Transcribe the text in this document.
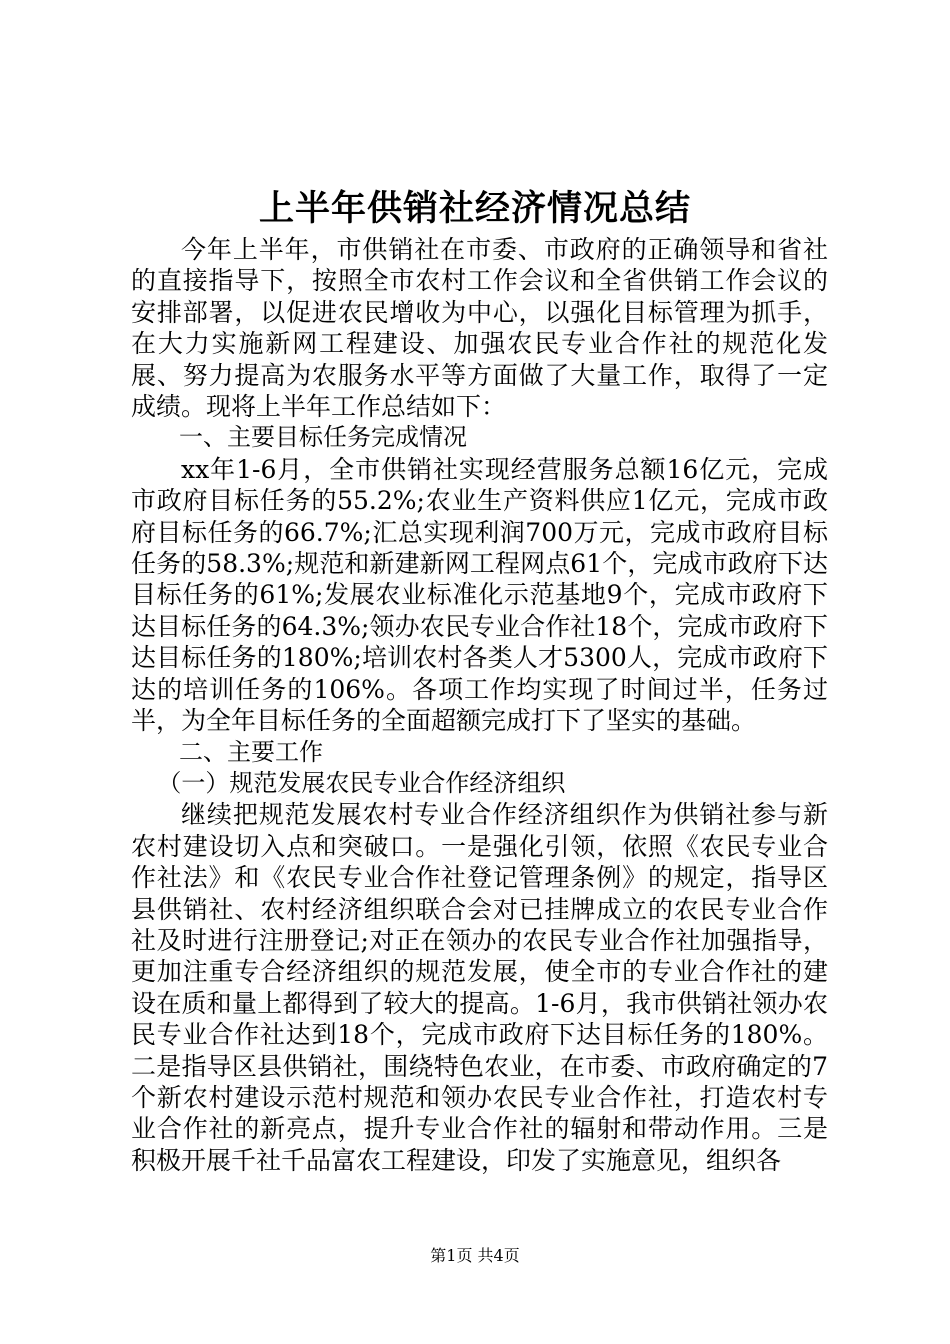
上半年供销社经济情况总结

今年上半年，市供销社在市委、市政府的正确领导和省社的直接指导下，按照全市农村工作会议和全省供销工作会议的安排部署，以促进农民增收为中心，以强化目标管理为抓手，在大力实施新网工程建设、加强农民专业合作社的规范化发展、努力提高为农服务水平等方面做了大量工作，取得了一定成绩。现将上半年工作总结如下：

一、主要目标任务完成情况

xx年1-6月，全市供销社实现经营服务总额16亿元，完成市政府目标任务的55.2%;农业生产资料供应1亿元，完成市政府目标任务的66.7%;汇总实现利润700万元，完成市政府目标任务的58.3%;规范和新建新网工程网点61个，完成市政府下达目标任务的61%;发展农业标准化示范基地9个，完成市政府下达目标任务的64.3%;领办农民专业合作社18个，完成市政府下达目标任务的180%;培训农村各类人才5300人，完成市政府下达的培训任务的106%。各项工作均实现了时间过半，任务过半，为全年目标任务的全面超额完成打下了坚实的基础。

二、主要工作
（一）规范发展农民专业合作经济组织

继续把规范发展农村专业合作经济组织作为供销社参与新农村建设切入点和突破口。一是强化引领，依照《农民专业合作社法》和《农民专业合作社登记管理条例》的规定，指导区县供销社、农村经济组织联合会对已挂牌成立的农民专业合作社及时进行注册登记;对正在领办的农民专业合作社加强指导，更加注重专合经济组织的规范发展，使全市的专业合作社的建设在质和量上都得到了较大的提高。1-6月，我市供销社领办农民专业合作社达到18个，完成市政府下达目标任务的180%。二是指导区县供销社，围绕特色农业，在市委、市政府确定的7个新农村建设示范村规范和领办农民专业合作社，打造农村专业合作社的新亮点，提升专业合作社的辐射和带动作用。三是积极开展千社千品富农工程建设，印发了实施意见，组织各

第1页 共4页
